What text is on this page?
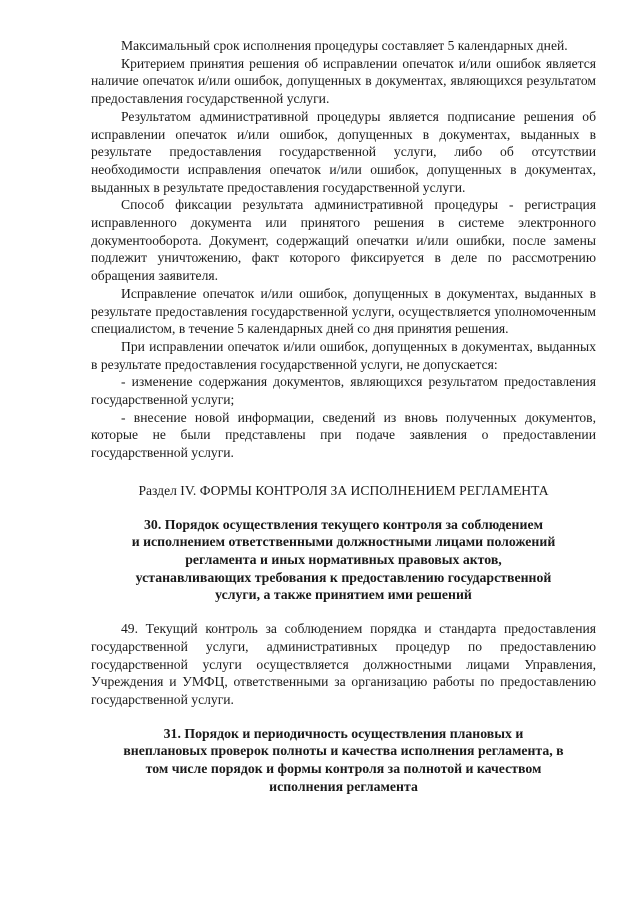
Максимальный срок исполнения процедуры составляет 5 календарных дней.

Критерием принятия решения об исправлении опечаток и/или ошибок является наличие опечаток и/или ошибок, допущенных в документах, являющихся результатом предоставления государственной услуги.

Результатом административной процедуры является подписание решения об исправлении опечаток и/или ошибок, допущенных в документах, выданных в результате предоставления государственной услуги, либо об отсутствии необходимости исправления опечаток и/или ошибок, допущенных в документах, выданных в результате предоставления государственной услуги.

Способ фиксации результата административной процедуры - регистрация исправленного документа или принятого решения в системе электронного документооборота. Документ, содержащий опечатки и/или ошибки, после замены подлежит уничтожению, факт которого фиксируется в деле по рассмотрению обращения заявителя.

Исправление опечаток и/или ошибок, допущенных в документах, выданных в результате предоставления государственной услуги, осуществляется уполномоченным специалистом, в течение 5 календарных дней со дня принятия решения.

При исправлении опечаток и/или ошибок, допущенных в документах, выданных в результате предоставления государственной услуги, не допускается:

- изменение содержания документов, являющихся результатом предоставления государственной услуги;

- внесение новой информации, сведений из вновь полученных документов, которые не были представлены при подаче заявления о предоставлении государственной услуги.

Раздел IV. ФОРМЫ КОНТРОЛЯ ЗА ИСПОЛНЕНИЕМ РЕГЛАМЕНТА

30. Порядок осуществления текущего контроля за соблюдением
и исполнением ответственными должностными лицами положений
регламента и иных нормативных правовых актов,
устанавливающих требования к предоставлению государственной
услуги, а также принятием ими решений

49. Текущий контроль за соблюдением порядка и стандарта предоставления государственной услуги, административных процедур по предоставлению государственной услуги осуществляется должностными лицами Управления, Учреждения и УМФЦ, ответственными за организацию работы по предоставлению государственной услуги.

31. Порядок и периодичность осуществления плановых и
внеплановых проверок полноты и качества исполнения регламента, в
том числе порядок и формы контроля за полнотой и качеством
исполнения регламента
